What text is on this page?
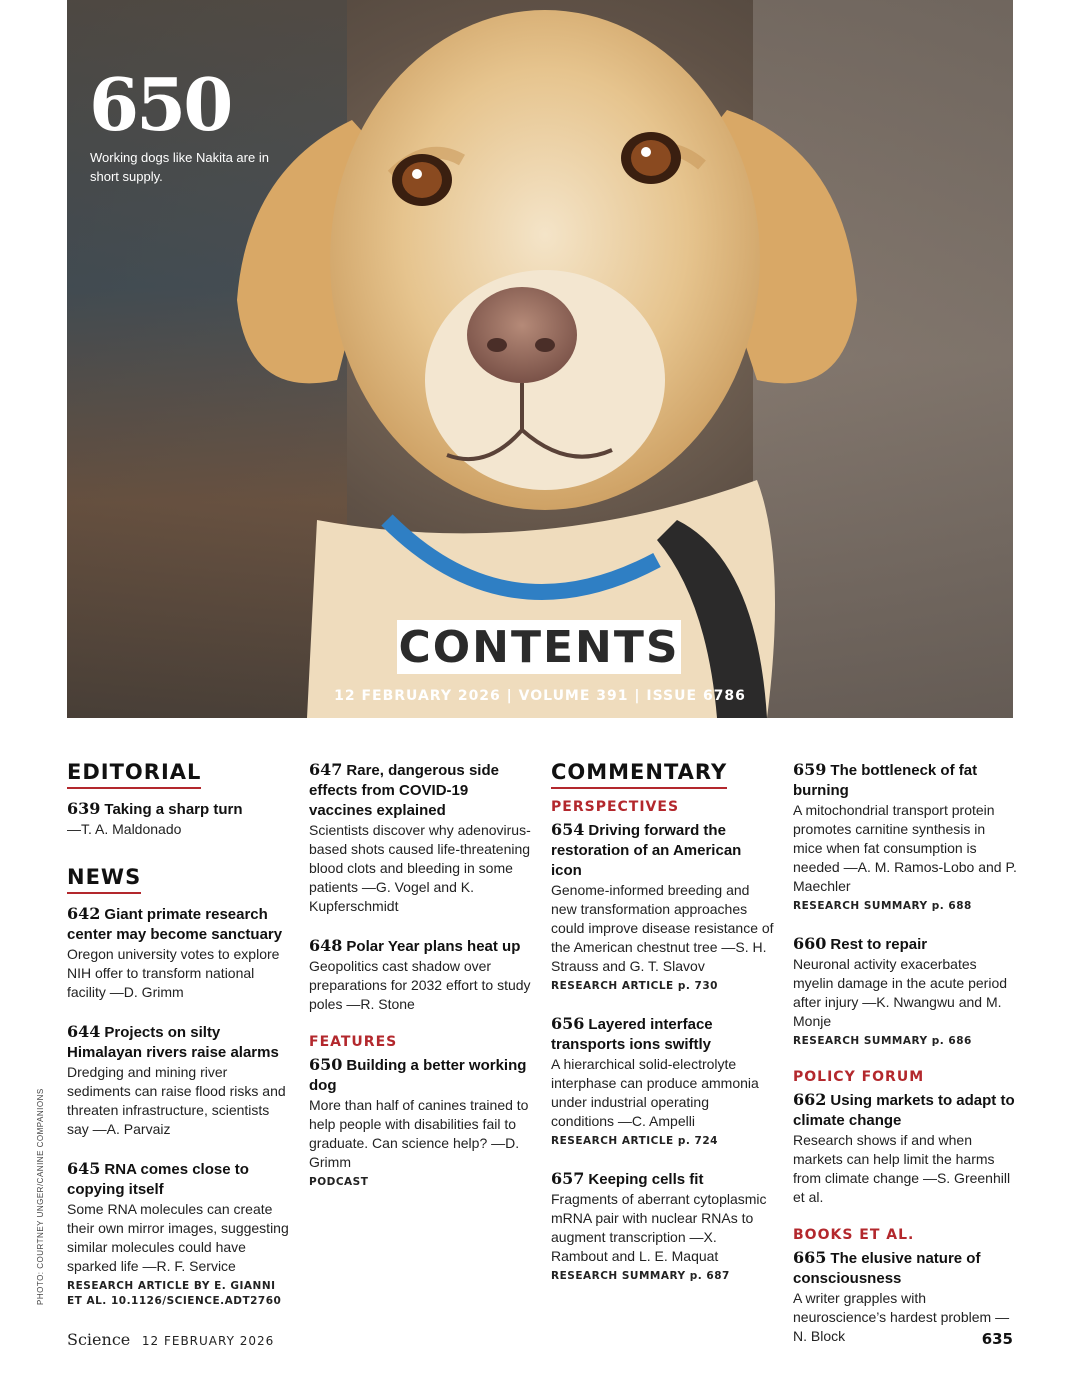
650
Working dogs like Nakita are in short supply.
CONTENTS
12 FEBRUARY 2026 | VOLUME 391 | ISSUE 6786
EDITORIAL
639 Taking a sharp turn
—T. A. Maldonado
NEWS
642 Giant primate research center may become sanctuary
Oregon university votes to explore NIH offer to transform national facility —D. Grimm
644 Projects on silty Himalayan rivers raise alarms
Dredging and mining river sediments can raise flood risks and threaten infrastructure, scientists say —A. Parvaiz
645 RNA comes close to copying itself
Some RNA molecules can create their own mirror images, suggesting similar molecules could have sparked life —R. F. Service
RESEARCH ARTICLE BY E. GIANNI ET AL. 10.1126/SCIENCE.ADT2760
647 Rare, dangerous side effects from COVID-19 vaccines explained
Scientists discover why adenovirus-based shots caused life-threatening blood clots and bleeding in some patients —G. Vogel and K. Kupferschmidt
648 Polar Year plans heat up
Geopolitics cast shadow over preparations for 2032 effort to study poles —R. Stone
FEATURES
650 Building a better working dog
More than half of canines trained to help people with disabilities fail to graduate. Can science help? —D. Grimm
PODCAST
COMMENTARY
PERSPECTIVES
654 Driving forward the restoration of an American icon
Genome-informed breeding and new transformation approaches could improve disease resistance of the American chestnut tree —S. H. Strauss and G. T. Slavov
RESEARCH ARTICLE p. 730
656 Layered interface transports ions swiftly
A hierarchical solid-electrolyte interphase can produce ammonia under industrial operating conditions —C. Ampelli
RESEARCH ARTICLE p. 724
657 Keeping cells fit
Fragments of aberrant cytoplasmic mRNA pair with nuclear RNAs to augment transcription —X. Rambout and L. E. Maquat
RESEARCH SUMMARY p. 687
659 The bottleneck of fat burning
A mitochondrial transport protein promotes carnitine synthesis in mice when fat consumption is needed —A. M. Ramos-Lobo and P. Maechler
RESEARCH SUMMARY p. 688
660 Rest to repair
Neuronal activity exacerbates myelin damage in the acute period after injury —K. Nwangwu and M. Monje
RESEARCH SUMMARY p. 686
POLICY FORUM
662 Using markets to adapt to climate change
Research shows if and when markets can help limit the harms from climate change —S. Greenhill et al.
BOOKS ET AL.
665 The elusive nature of consciousness
A writer grapples with neuroscience’s hardest problem —N. Block
PHOTO: COURTNEY UNGER/CANINE COMPANIONS
Science 12 FEBRUARY 2026	635
